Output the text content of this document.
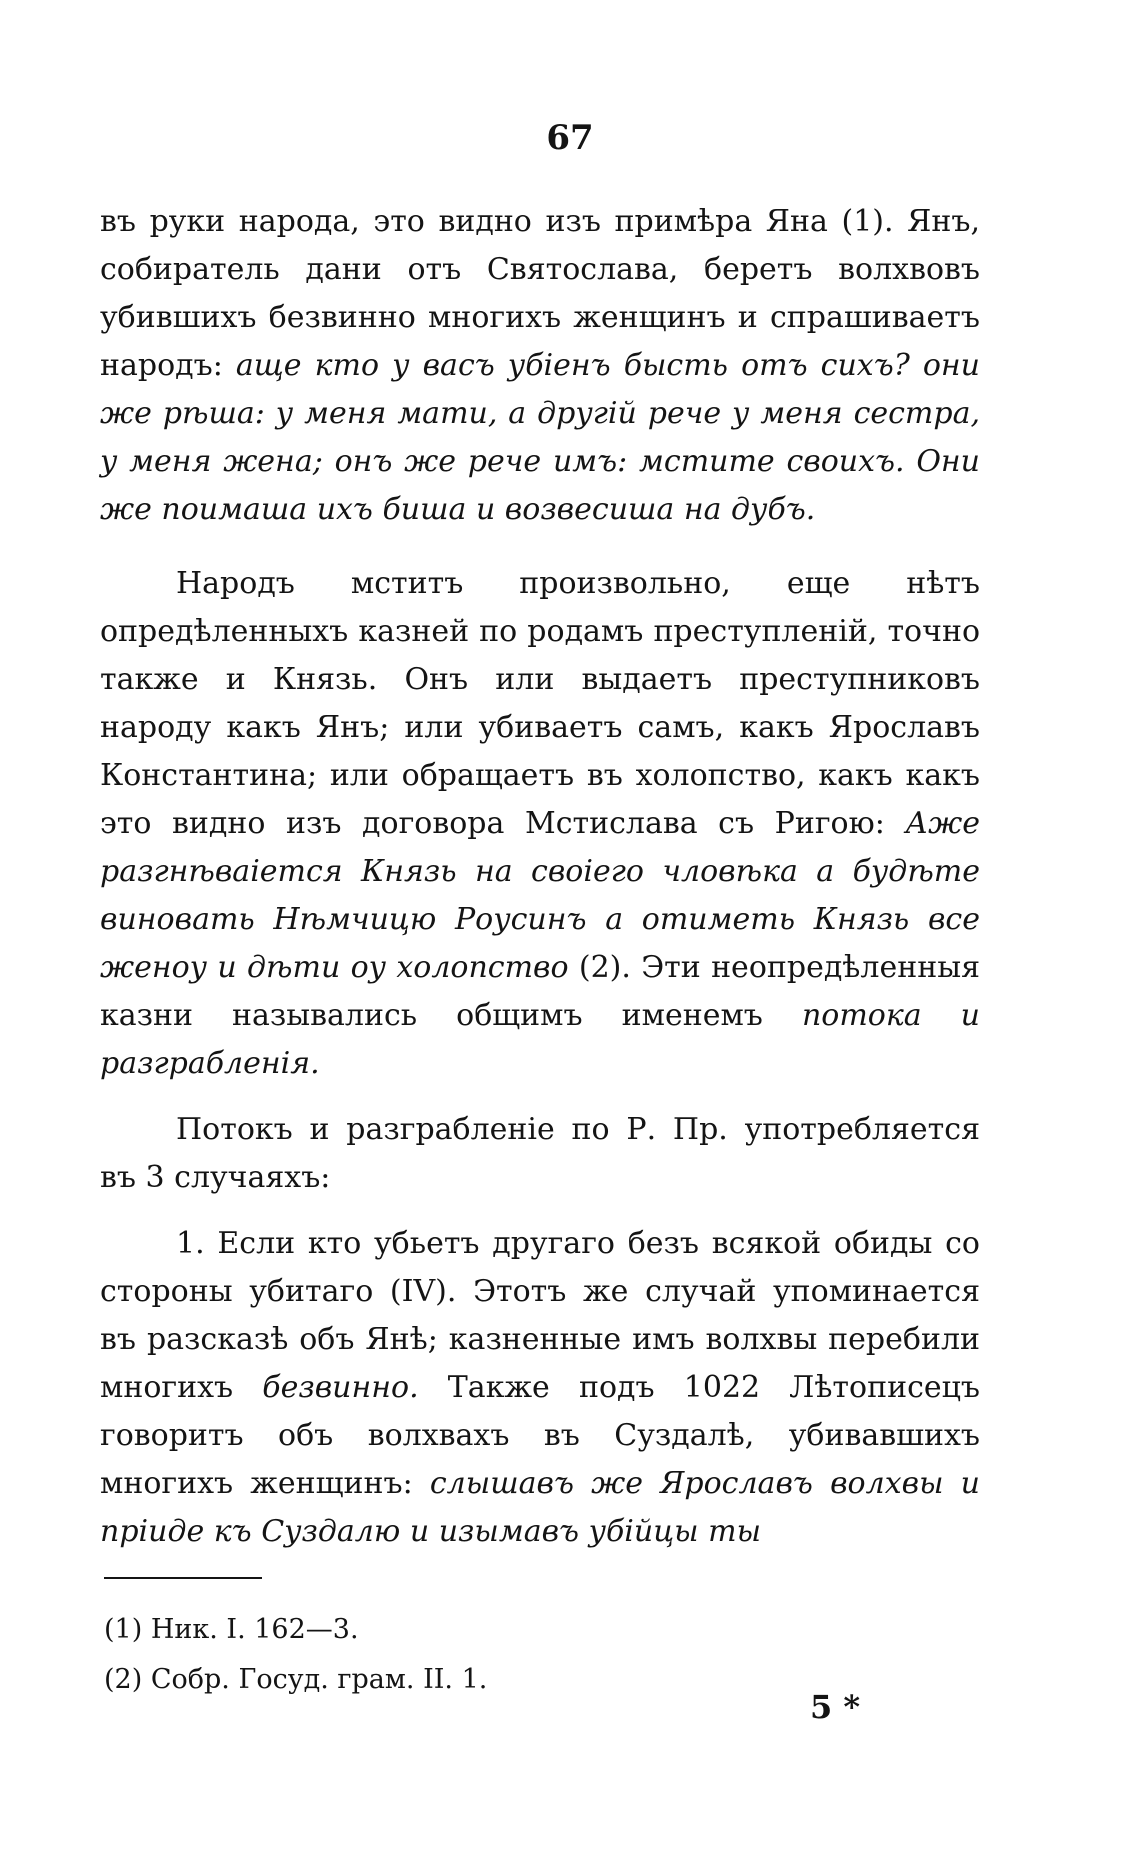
67

въ руки народа, это видно изъ примѣра Яна (1). Янъ, собиратель дани отъ Святослава, беретъ волхвовъ убившихъ безвинно многихъ женщинъ и спрашиваетъ народъ: аще кто у васъ убіенъ бысть отъ сихъ? они же рѣша: у меня мати, а другій рече у меня сестра, у меня жена; онъ же рече имъ: мстите своихъ. Они же поимаша ихъ биша и возвесиша на дубъ.

Народъ мститъ произвольно, еще нѣтъ опредѣленныхъ казней по родамъ преступленій, точно также и Князь. Онъ или выдаетъ преступниковъ народу какъ Янъ; или убиваетъ самъ, какъ Ярославъ Константина; или обращаетъ въ холопство, какъ какъ это видно изъ договора Мстислава съ Ригою: Аже разгнѣваіется Князь на своіего чловѣка а будѣте виновать Нѣмчицю Роусинъ а отиметь Князь все женоу и дѣти оу холопство (2). Эти неопредѣленныя казни назывались общимъ именемъ потока и разграбленія.

Потокъ и разграбленіе по Р. Пр. употребляется въ 3 случаяхъ:

1. Если кто убьетъ другаго безъ всякой обиды со стороны убитаго (IV). Этотъ же случай упоминается въ разсказѣ объ Янѣ; казненные имъ волхвы перебили многихъ безвинно. Также подъ 1022 Лѣтописецъ говоритъ объ волхвахъ въ Суздалѣ, убивавшихъ многихъ женщинъ: слышавъ же Ярославъ волхвы и пріиде къ Суздалю и изымавъ убійцы ты

(1) Ник. I. 162—3.

(2) Собр. Госуд. грам. II. 1.

5 *
